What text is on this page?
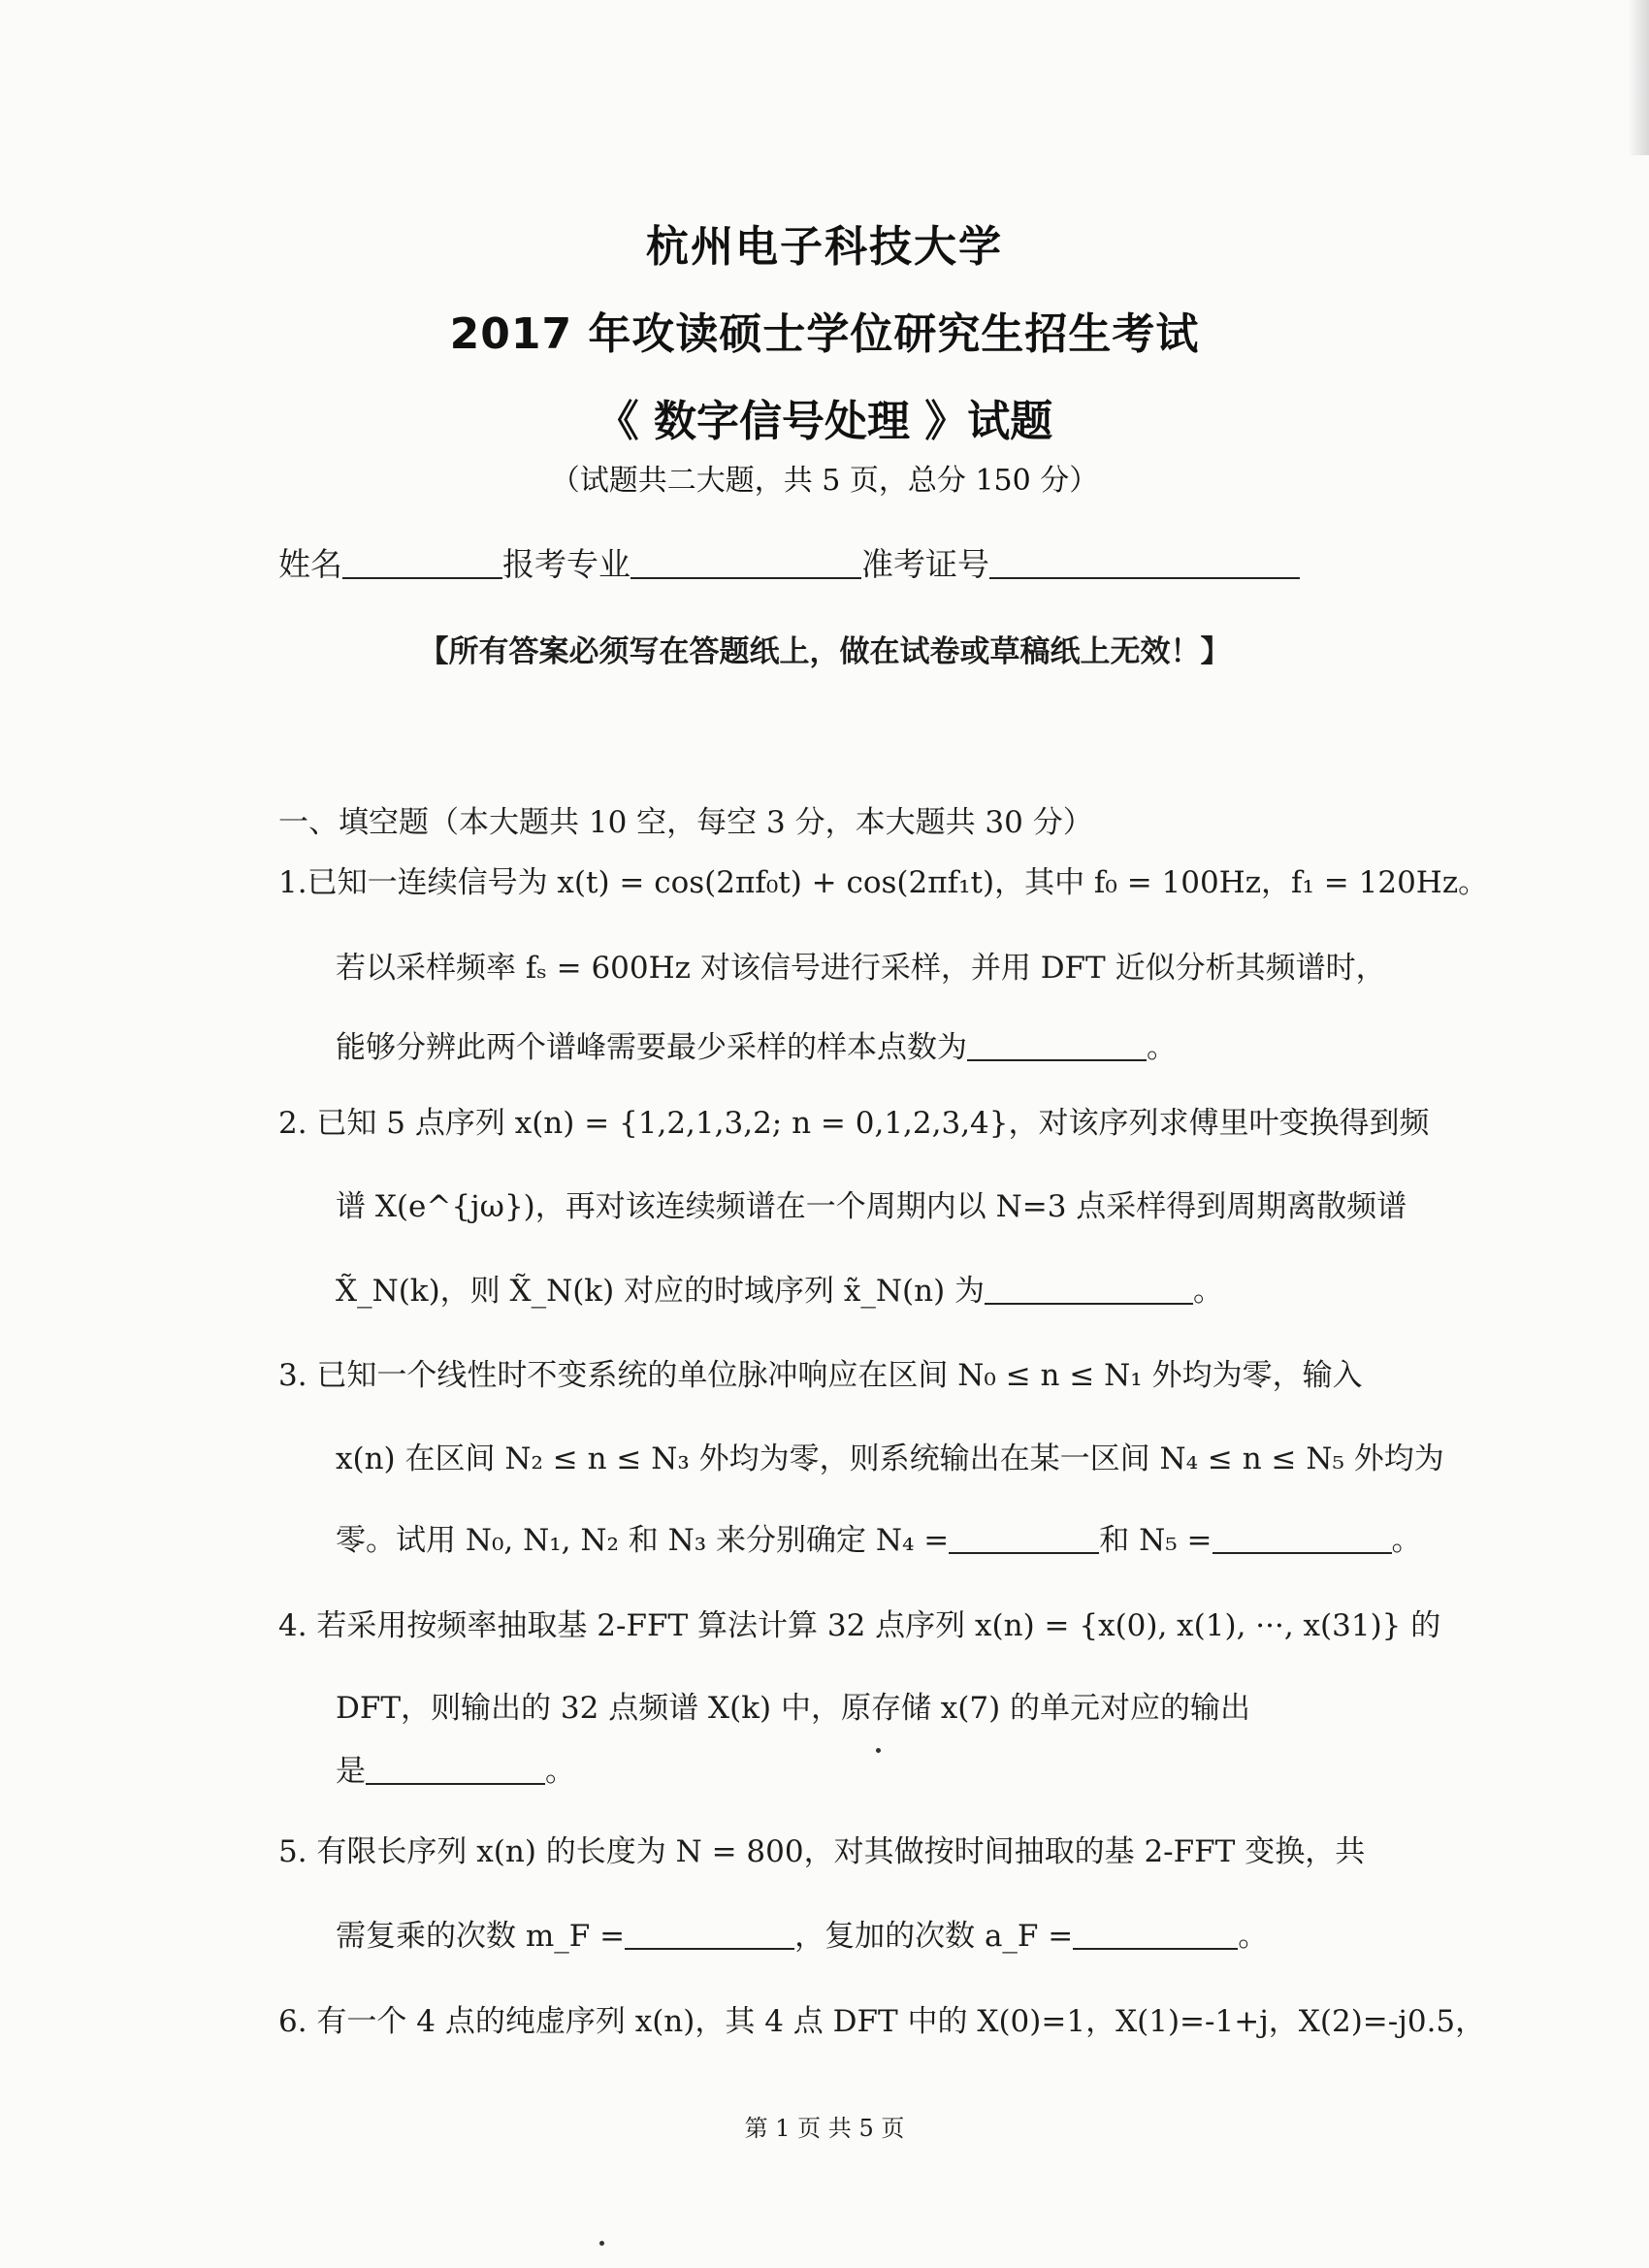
杭州电子科技大学
2017 年攻读硕士学位研究生招生考试
《 数字信号处理 》试题
（试题共二大题，共 5 页，总分 150 分）
姓名	报考专业	准考证号
【所有答案必须写在答题纸上，做在试卷或草稿纸上无效！】
一、填空题（本大题共 10 空，每空 3 分，本大题共 30 分）
1.已知一连续信号为 x(t) = cos(2πf₀t) + cos(2πf₁t)，其中 f₀ = 100Hz，f₁ = 120Hz。
若以采样频率 fₛ = 600Hz 对该信号进行采样，并用 DFT 近似分析其频谱时，
能够分辨此两个谱峰需要最少采样的样本点数为	。
2. 已知 5 点序列 x(n) = {1,2,1,3,2; n = 0,1,2,3,4}，对该序列求傅里叶变换得到频
谱 X(e^{jω})，再对该连续频谱在一个周期内以 N=3 点采样得到周期离散频谱
X̃_N(k)，则 X̃_N(k) 对应的时域序列 x̃_N(n) 为	。
3. 已知一个线性时不变系统的单位脉冲响应在区间 N₀ ≤ n ≤ N₁ 外均为零，输入
x(n) 在区间 N₂ ≤ n ≤ N₃ 外均为零，则系统输出在某一区间 N₄ ≤ n ≤ N₅ 外均为
零。试用 N₀, N₁, N₂ 和 N₃ 来分别确定 N₄ =	和 N₅ =	。
4. 若采用按频率抽取基 2-FFT 算法计算 32 点序列 x(n) = {x(0), x(1), ···, x(31)} 的
DFT，则输出的 32 点频谱 X(k) 中，原存储 x(7) 的单元对应的输出
是	。
5. 有限长序列 x(n) 的长度为 N = 800，对其做按时间抽取的基 2-FFT 变换，共
需复乘的次数 m_F =	，复加的次数 a_F =	。
6. 有一个 4 点的纯虚序列 x(n)，其 4 点 DFT 中的 X(0)=1，X(1)=-1+j，X(2)=-j0.5，
第 1 页 共 5 页
